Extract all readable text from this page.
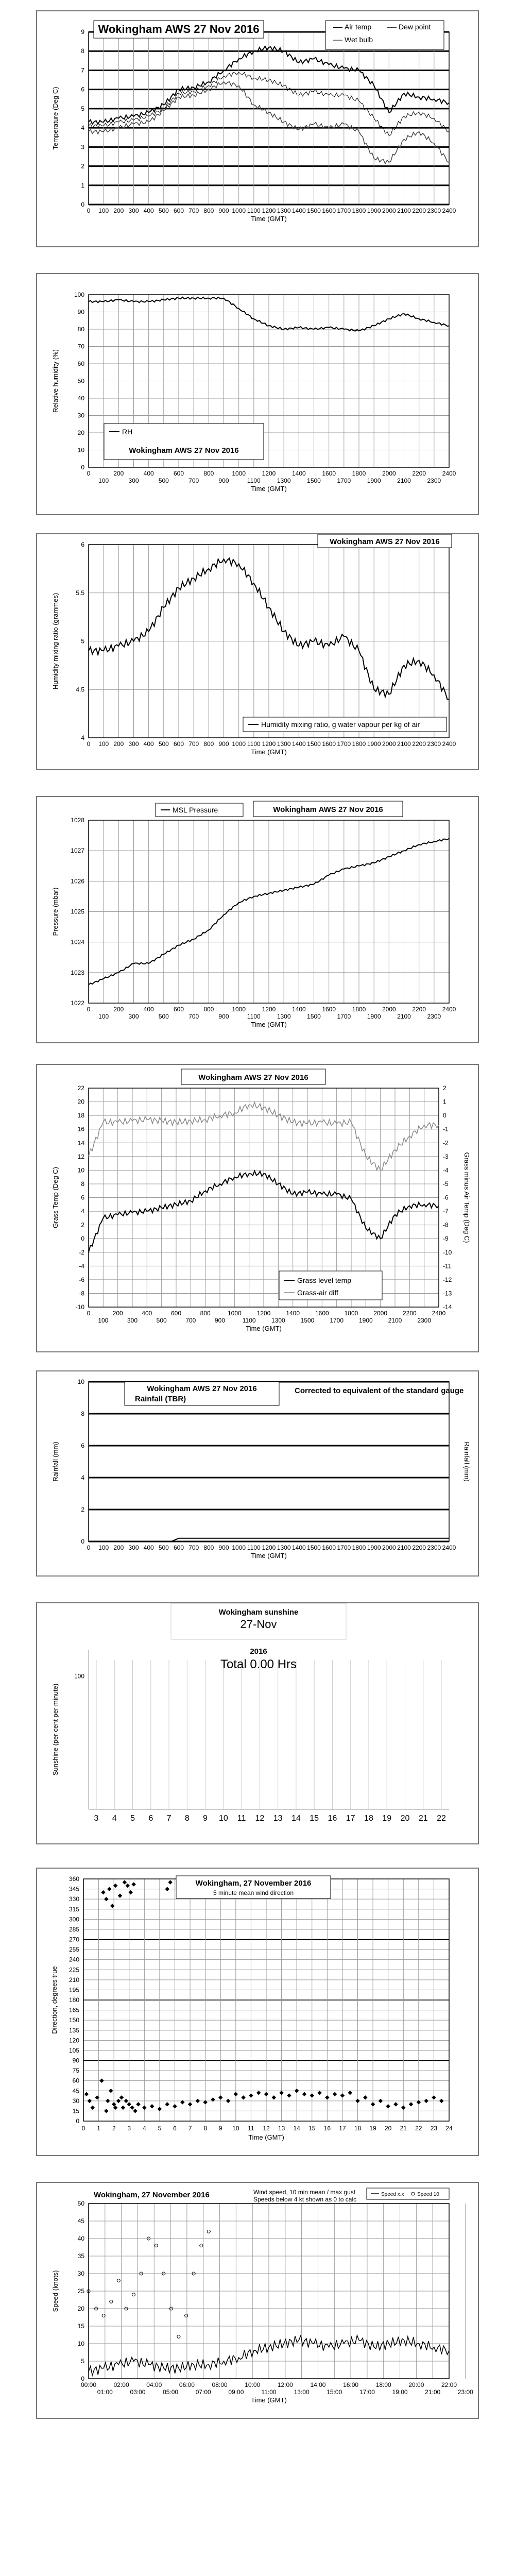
0
1
2
3
4
5
6
7
8
9
0 100 200 300 400 500 600 700 800 900 1000 1100 1200 1300 1400 1500 1600 1700 1800 1900 2000 2100 2200 2300 2400
Temperature (Deg C)
Time (GMT)
Wokingham AWS 27 Nov 2016	Air temp	Dew point
Wet bulb
0
10
20
30
40
50
60
70
80
90
100
0	200	400	600	800	1000	1200	1400	1600	1800	2000	2200	2400
100	300	500	700	900	1100	1300	1500	1700	1900	2100	2300
Relative humidity (%)
Time (GMT)
RH
Wokingham AWS 27 Nov 2016
4
4.5
5
5.5
6
0 100 200 300 400 500 600 700 800 900 1000 1100 1200 1300 1400 1500 1600 1700 1800 1900 2000 2100 2200 2300 2400
Humidity mixing ratio (grammes)
Time (GMT)
Wokingham AWS 27 Nov 2016
Humidity mixing ratio, g water vapour per kg of air
1022
1023
1024
1025
1026
1027
1028
0	200	400	600	800	1000	1200	1400	1600	1800	2000	2200	2400
100	300	500	700	900	1100	1300	1500	1700	1900	2100	2300
Pressure (mbar)
Time (GMT)
MSL Pressure	Wokingham AWS 27 Nov 2016
-10
-8
-6
-4
-2
0
2
4
6
8
10
12
14
16
18
20
22	2
1
0
-1
-2
-3
-4
-5
-6
-7
-8
-9
-10
-11
-12
-13
-14
0	200	400	600	800	1000 1200 1400 1600 1800 2000 2200 2400
100	300	500	700	900	1100	1300 1500 1700 1900 2100 2300
Grass Temp (Deg C)	Grass minus Air Temp (Deg C)
Time (GMT)
Wokingham AWS 27 Nov 2016
Grass level temp
Grass-air diff
0
2
4
6
8
10
0 100 200 300 400 500 600 700 800 900 1000 1100 1200 1300 1400 1500 1600 1700 1800 1900 2000 2100 2200 2300 2400
Rainfall (mm)	Rainfall (mm)
Time (GMT)
Wokingham AWS 27 Nov 2016
Rainfall (TBR)
Corrected to equivalent of the standard gauge
3 4 5 6 7 8 9 10 11 12 13 14 15 16 17 18 19 20 21 22
100
Sunshine (per cent per minute)
Wokingham sunshine
27-Nov
2016
Total 0.00 Hrs
0
15
30
45
60
75
90
105
120
135
150
165
180
195
210
225
240
255
270
285
300
315
330
345
360
0 1 2 3 4 5 6 7 8 9 10 11 12 13 14 15 16 17 18 19 20 21 22 23 24
Direction, degrees true
Time (GMT)
Wokingham, 27 November 2016
5 minute mean wind direction
0
5
10
15
20
25
30
35
40
45
50
00:00	02:00	04:00	06:00	08:00	10:00	12:00	14:00	16:00	18:00	20:00	22:00
01:00	03:00	05:00	07:00	09:00	11:00	13:00	15:00	17:00	19:00	21:00	23:00
Speed (knots)
Time (GMT)
Wokingham, 27 November 2016	Wind speed, 10 min mean / max gust
Speeds below 4 kt shown as 0 to calc
Speed x.x	Speed 10
